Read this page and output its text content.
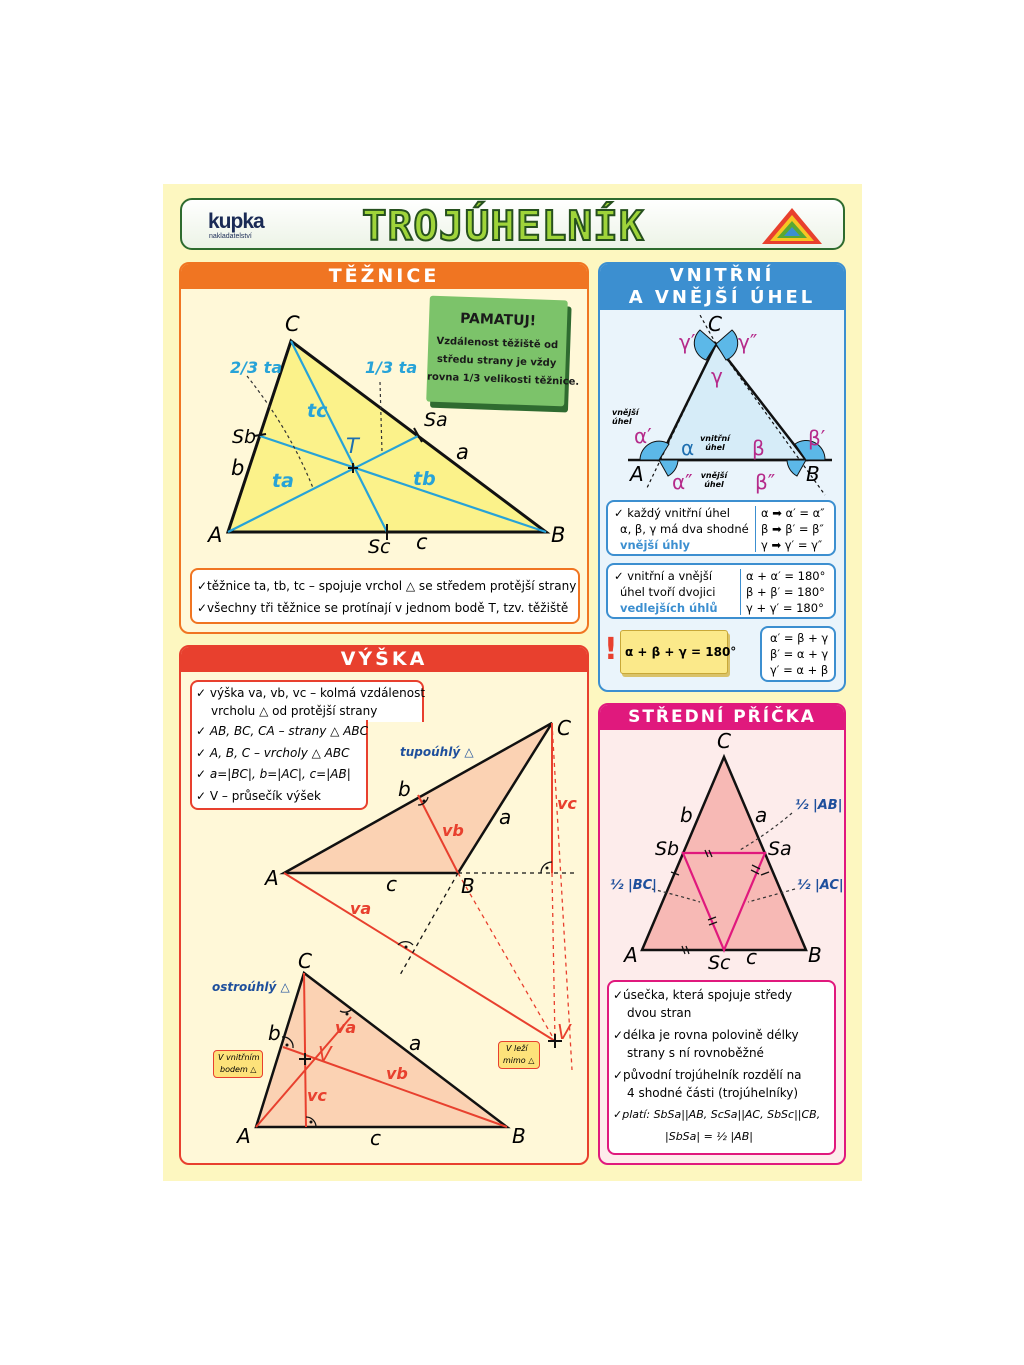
kupka
nakladatelství	TROJÚHELNÍK
TĚŽNICE
C
A	B
Sa
Sb
Sc
a
b
c
T
ta	tb
tc
2/3 ta	1/3 ta
PAMATUJ!
Vzdálenost těžiště od
středu strany je vždy
rovna 1/3 velikosti těžnice.
✓těžnice ta, tb, tc – spojuje vrchol △ se středem protější strany
✓všechny tři těžnice se protínají v jednom bodě T, tzv. těžiště
VNITŘNÍ
A VNĚJŠÍ ÚHEL
C
A	B
α
α′
α″
β β′
β″
γ
γ′ γ″
vnější úhel
vnitřní úhel
vnější úhel
✓ každý vnitřní úhel
α, β, γ má dva shodné
vnější úhly
α ➡ α′ = α″
β ➡ β′ = β″
γ ➡ γ′ = γ″
✓ vnitřní a vnější
úhel tvoří dvojici
vedlejších úhlů
α + α′ = 180°
β + β′ = 180°
γ + γ′ = 180°
! α + β + γ = 180°
α′ = β + γ
β′ = α + γ
γ′ = α + β
VÝŠKA
✓ výška va, vb, vc – kolmá vzdálenost
vrcholu △ od protější strany
✓ AB, BC, CA – strany △ ABC
✓ A, B, C – vrcholy △ ABC
✓ a=|BC|, b=|AC|, c=|AB|
✓ V – průsečík výšek
tupoúhlý △
ostroúhlý △
A	B
C
a
b
c
va
vb
vc
V
A	B
C
a
b
c
V
va
vb
vc
V vnitřním
bodem △
V leží
mimo △
STŘEDNÍ PŘÍČKA
C
A	B
a
b
c
Sa
Sb
Sc
½ |AB|
½ |BC|	½ |AC|
✓úsečka, která spojuje středy
dvou stran
✓délka je rovna polovině délky
strany s ní rovnoběžné
✓původní trojúhelník rozdělí na
4 shodné části (trojúhelníky)
✓platí: SbSa||AB, ScSa||AC, SbSc||CB,
|SbSa| = ½ |AB|
